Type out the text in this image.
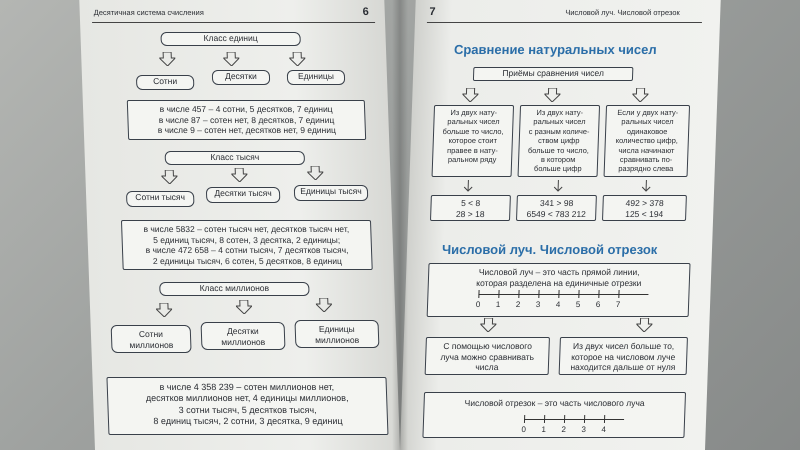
Десятичная система счисления	6
Класс единиц
Сотни	Десятки	Единицы
в числе 457 – 4 сотни, 5 десятков, 7 единиц
в числе 87 – сотен нет, 8 десятков, 7 единиц
в числе 9 – сотен нет, десятков нет, 9 единиц
Класс тысяч
Сотни тысяч	Десятки тысяч	Единицы тысяч
в числе 5832 – сотен тысяч нет, десятков тысяч нет,
5 единиц тысяч, 8 сотен, 3 десятка, 2 единицы;
в числе 472 658 – 4 сотни тысяч, 7 десятков тысяч,
2 единицы тысяч, 6 сотен, 5 десятков, 8 единиц
Класс миллионов
Сотни
миллионов
Десятки
миллионов
Единицы
миллионов
в числе 4 358 239 – сотен миллионов нет,
десятков миллионов нет, 4 единицы миллионов,
3 сотни тысяч, 5 десятков тысяч,
8 единиц тысяч, 2 сотни, 3 десятка, 9 единиц
7	Числовой луч. Числовой отрезок
Сравнение натуральных чисел
Приёмы сравнения чисел
Из двух нату-
ральных чисел
больше то число,
которое стоит
правее в нату-
ральном ряду
Из двух нату-
ральных чисел
с разным количе-
ством цифр
больше то число,
в котором
больше цифр
Если у двух нату-
ральных чисел
одинаковое
количество цифр,
числа начинают
сравнивать по-
разрядно слева
5 < 8
28 > 18
341 > 98
6549 < 783 212
492 > 378
125 < 194
Числовой луч. Числовой отрезок
Числовой луч – это часть прямой линии,
которая разделена на единичные отрезки
0 1 2 3 4 5 6 7
С помощью числового
луча можно сравнивать
числа
Из двух чисел больше то,
которое на числовом луче
находится дальше от нуля
Числовой отрезок – это часть числового луча
0 1 2 3 4
